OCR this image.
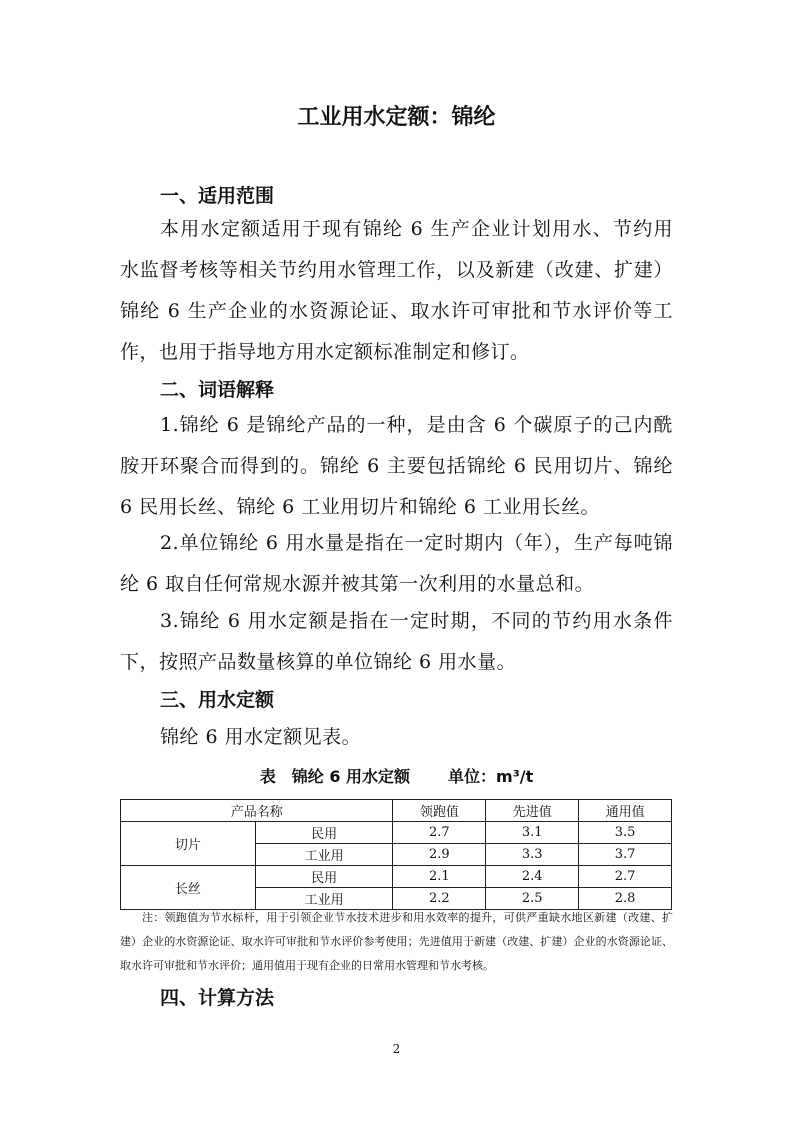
工业用水定额：锦纶
一、适用范围

本用水定额适用于现有锦纶 6 生产企业计划用水、节约用水监督考核等相关节约用水管理工作，以及新建（改建、扩建）锦纶 6 生产企业的水资源论证、取水许可审批和节水评价等工作，也用于指导地方用水定额标准制定和修订。

二、词语解释

1.锦纶 6 是锦纶产品的一种，是由含 6 个碳原子的己内酰胺开环聚合而得到的。锦纶 6 主要包括锦纶 6 民用切片、锦纶 6 民用长丝、锦纶 6 工业用切片和锦纶 6 工业用长丝。

2.单位锦纶 6 用水量是指在一定时期内（年），生产每吨锦纶 6 取自任何常规水源并被其第一次利用的水量总和。

3.锦纶 6 用水定额是指在一定时期，不同的节约用水条件下，按照产品数量核算的单位锦纶 6 用水量。

三、用水定额

锦纶 6 用水定额见表。

表　锦纶 6 用水定额 单位：m³/t
产品名称		领跑值	先进值	通用值
切片	民用	2.7	3.1	3.5
	工业用	2.9	3.3	3.7
长丝	民用	2.1	2.4	2.7
	工业用	2.2	2.5	2.8

注：领跑值为节水标杆，用于引领企业节水技术进步和用水效率的提升，可供严重缺水地区新建（改建、扩建）企业的水资源论证、取水许可审批和节水评价参考使用；先进值用于新建（改建、扩建）企业的水资源论证、取水许可审批和节水评价；通用值用于现有企业的日常用水管理和节水考核。

四、计算方法
2
